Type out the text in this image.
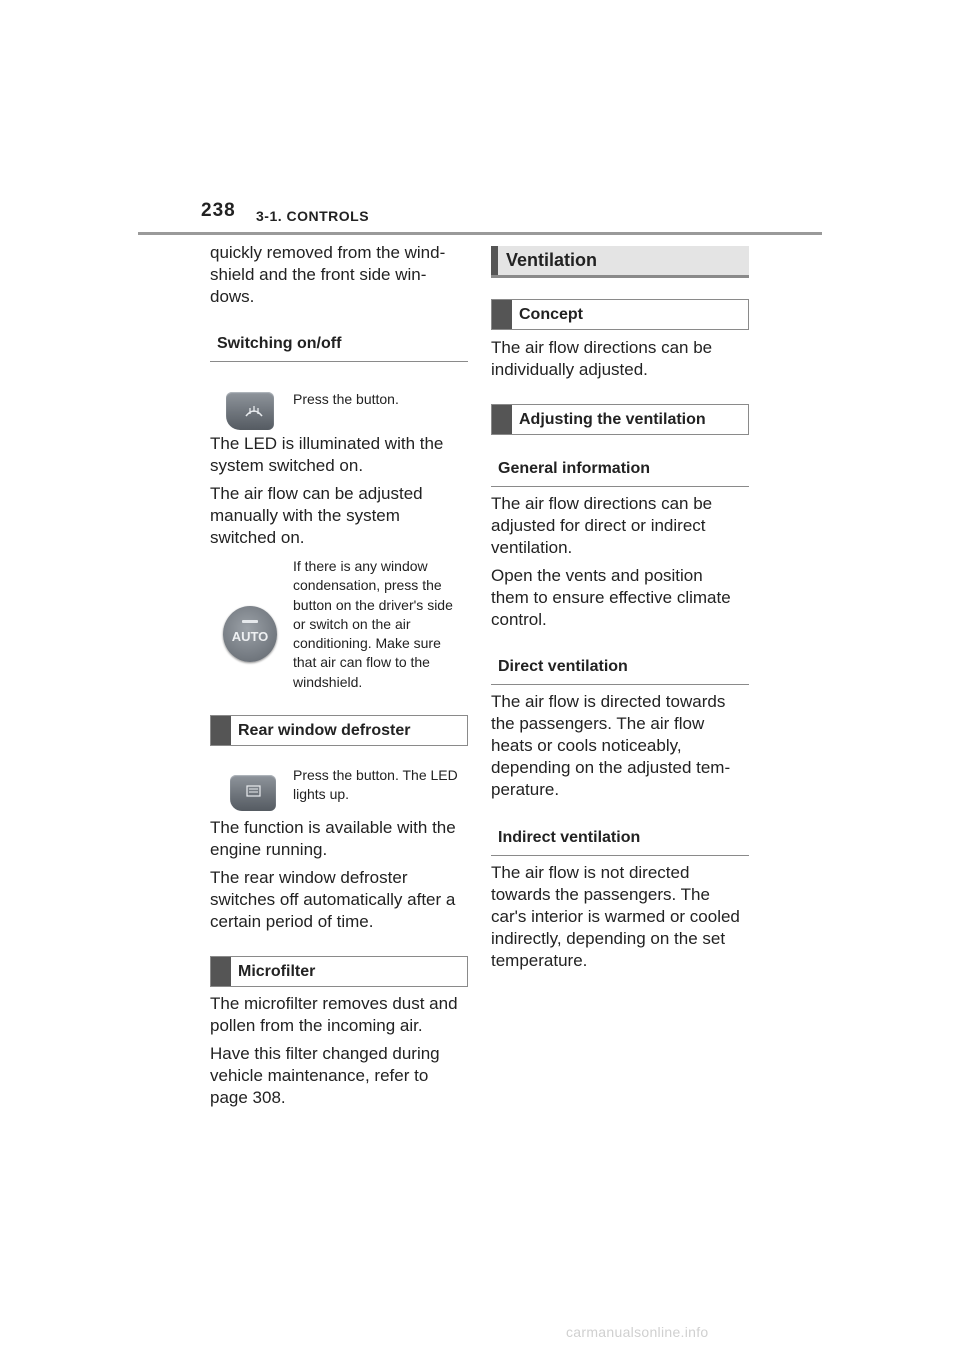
238 3-1. CONTROLS
quickly removed from the wind- shield and the front side win- dows.
Switching on/off
Press the button.
The LED is illuminated with the system switched on.
The air flow can be adjusted manually with the system switched on.
AUTO
If there is any window condensation, press the button on the driver's side or switch on the air conditioning. Make sure that air can flow to the windshield.
Rear window defroster
Press the button. The LED lights up.
The function is available with the engine running.
The rear window defroster switches off automatically after a certain period of time.
Microfilter
The microfilter removes dust and pollen from the incoming air.
Have this filter changed during vehicle maintenance, refer to page 308.
Ventilation
Concept
The air flow directions can be individually adjusted.
Adjusting the ventilation
General information
The air flow directions can be adjusted for direct or indirect ventilation.
Open the vents and position them to ensure effective climate control.
Direct ventilation
The air flow is directed towards the passengers. The air flow heats or cools noticeably, depending on the adjusted tem- perature.
Indirect ventilation
The air flow is not directed towards the passengers. The car's interior is warmed or cooled indirectly, depending on the set temperature.
carmanualsonline.info
